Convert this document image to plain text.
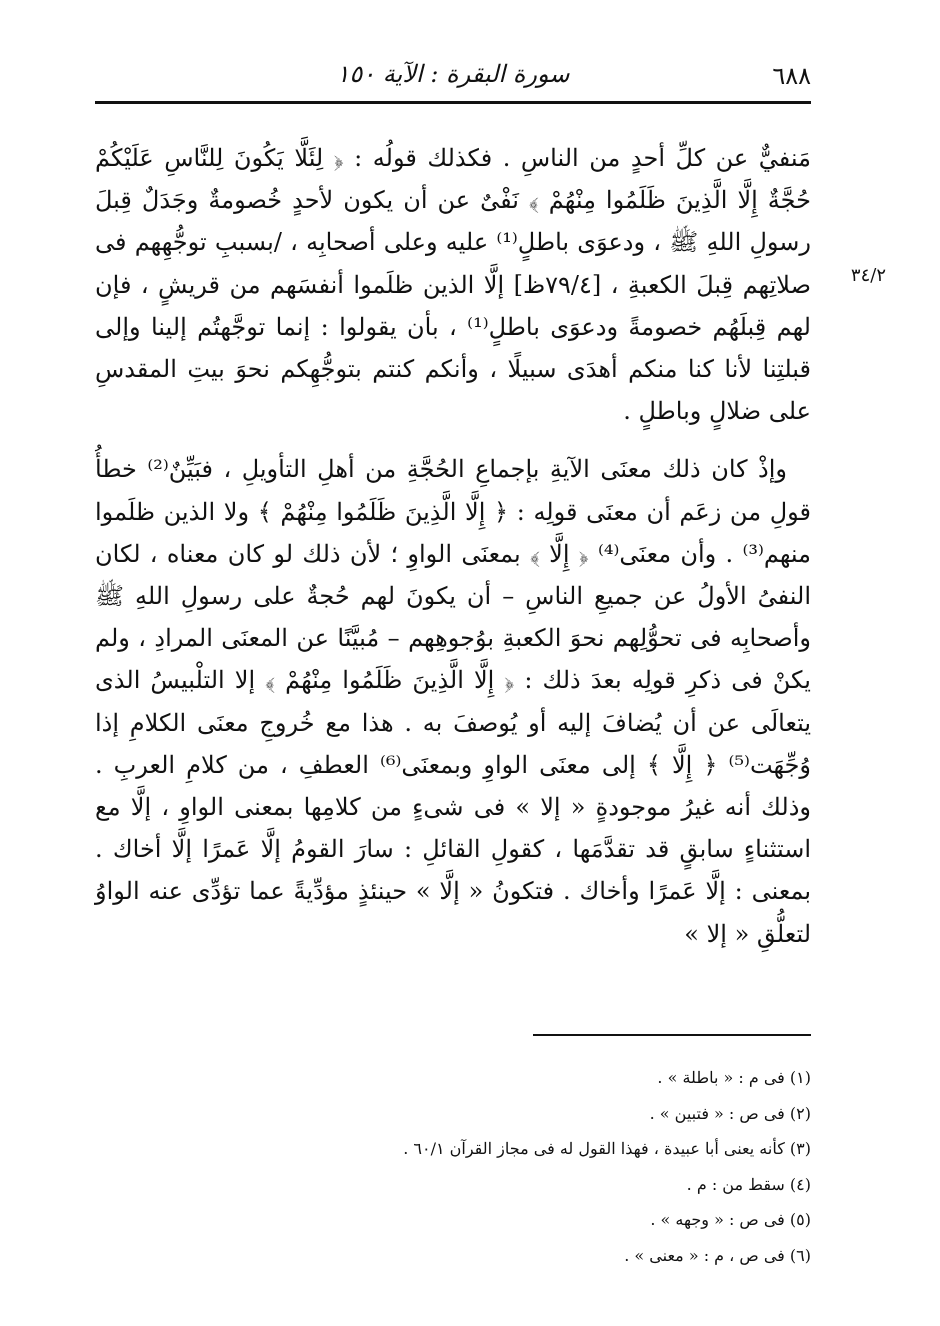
٦٨٨
سورة البقرة : الآية ١٥٠
٣٤/٢

مَنفيٌّ عن كلِّ أحدٍ من الناسِ . فكذلك قولُه : ﴿ لِئَلَّا يَكُونَ لِلنَّاسِ عَلَيْكُمْ حُجَّةٌ إِلَّا الَّذِينَ ظَلَمُوا مِنْهُمْ ﴾ نَفْىٌ عن أن يكون لأحدٍ خُصومةٌ وجَدَلٌ قِبلَ رسولِ اللهِ ﷺ ، ودعوَى باطلٍ⁽¹⁾ عليه وعلى أصحابِه ، /بسببِ توجُّهِهم فى صلاتِهم قِبلَ الكعبةِ ، [٧٩/٤ظ] إلَّا الذين ظلَموا أنفسَهم من قريشٍ ، فإن لهم قِبلَهُم خصومةً ودعوَى باطلٍ⁽¹⁾ ، بأن يقولوا : إنما توجَّهتُم إلينا وإلى قبلتِنا لأنا كنا منكم أهدَى سبيلًا ، وأنكم كنتم بتوجُّهِكم نحوَ بيتِ المقدسِ على ضلالٍ وباطلٍ .

وإذْ كان ذلك معنَى الآيةِ بإجماعِ الحُجَّةِ من أهلِ التأويلِ ، فبَيِّنٌ⁽²⁾ خطأُ قولِ من زعَم أن معنَى قولِه : ﴿ إِلَّا الَّذِينَ ظَلَمُوا مِنْهُمْ ﴾ ولا الذين ظلَموا منهم⁽³⁾ . وأن معنَى⁽⁴⁾ ﴿ إِلَّا ﴾ بمعنَى الواوِ ؛ لأن ذلك لو كان معناه ، لكان النفىُ الأولُ عن جميعِ الناسِ – أن يكونَ لهم حُجةٌ على رسولِ اللهِ ﷺ وأصحابِه فى تحوُّلِهم نحوَ الكعبةِ بوُجوهِهم – مُبيَّنًا عن المعنَى المرادِ ، ولم يكنْ فى ذكرِ قولِه بعدَ ذلك : ﴿ إِلَّا الَّذِينَ ظَلَمُوا مِنْهُمْ ﴾ إلا التلْبيسُ الذى يتعالَى عن أن يُضافَ إليه أو يُوصفَ به . هذا مع خُروجِ معنَى الكلامِ إذا وُجِّهَت⁽⁵⁾ ﴿ إِلَّا ﴾ إلى معنَى الواوِ وبمعنَى⁽⁶⁾ العطفِ ، من كلامِ العربِ . وذلك أنه غيرُ موجودةٍ « إلا » فى شىءٍ من كلامِها بمعنى الواوِ ، إلَّا مع استثناءٍ سابقٍ قد تقدَّمَها ، كقولِ القائلِ : سارَ القومُ إلَّا عَمرًا إلَّا أخاك . بمعنى : إلَّا عَمرًا وأخاك . فتكونُ « إلَّا » حينئذٍ مؤدِّيةً عما تؤدِّى عنه الواوُ لتعلُّقِ « إلا »

(١) فى م : « باطلة » .
(٢) فى ص : « فتبين » .
(٣) كأنه يعنى أبا عبيدة ، فهذا القول له فى مجاز القرآن ٦٠/١ .
(٤) سقط من : م .
(٥) فى ص : « وجهه » .
(٦) فى ص ، م : « معنى » .
